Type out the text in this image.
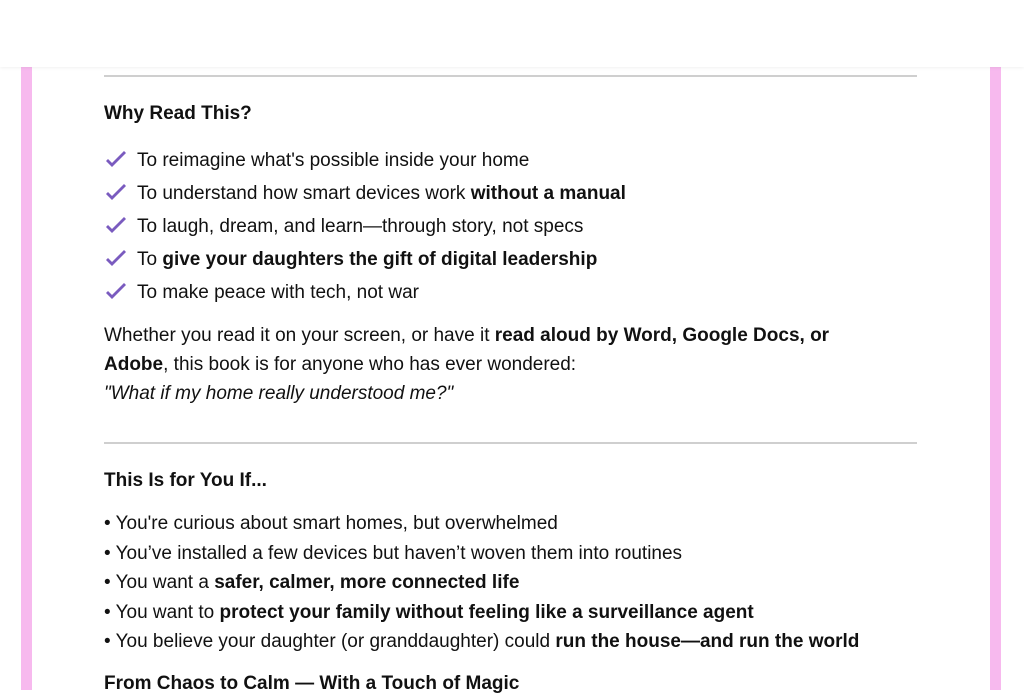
Why Read This?
To reimagine what's possible inside your home
To understand how smart devices work without a manual
To laugh, dream, and learn—through story, not specs
To give your daughters the gift of digital leadership
To make peace with tech, not war

Whether you read it on your screen, or have it read aloud by Word, Google Docs, or
Adobe, this book is for anyone who has ever wondered:
"What if my home really understood me?"

This Is for You If...
• You're curious about smart homes, but overwhelmed
• You’ve installed a few devices but haven’t woven them into routines
• You want a safer, calmer, more connected life
• You want to protect your family without feeling like a surveillance agent
• You believe your daughter (or granddaughter) could run the house—and run the world
From Chaos to Calm — With a Touch of Magic
